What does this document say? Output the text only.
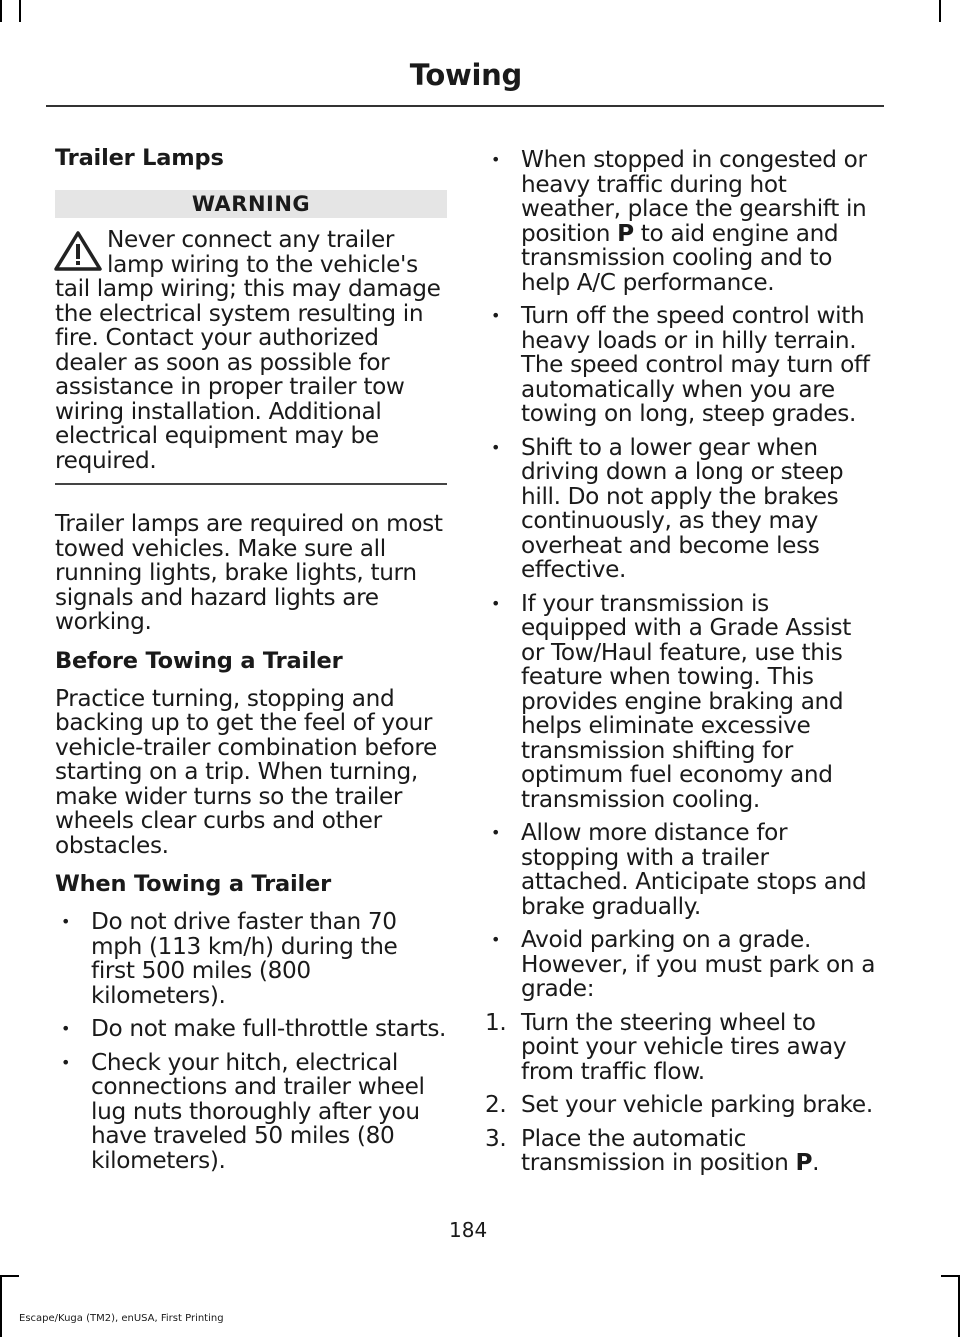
Towing
Trailer Lamps
WARNING
Never connect any trailer lamp wiring to the vehicle's tail lamp wiring; this may damage the electrical system resulting in fire. Contact your authorized dealer as soon as possible for assistance in proper trailer tow wiring installation. Additional electrical equipment may be required.

Trailer lamps are required on most towed vehicles. Make sure all running lights, brake lights, turn signals and hazard lights are working.

Before Towing a Trailer

Practice turning, stopping and backing up to get the feel of your vehicle-trailer combination before starting on a trip. When turning, make wider turns so the trailer wheels clear curbs and other obstacles.

When Towing a Trailer
• Do not drive faster than 70 mph (113 km/h) during the first 500 miles (800 kilometers).
• Do not make full-throttle starts.
• Check your hitch, electrical connections and trailer wheel lug nuts thoroughly after you have traveled 50 miles (80 kilometers).
• When stopped in congested or heavy traffic during hot weather, place the gearshift in position P to aid engine and transmission cooling and to help A/C performance.
• Turn off the speed control with heavy loads or in hilly terrain. The speed control may turn off automatically when you are towing on long, steep grades.
• Shift to a lower gear when driving down a long or steep hill. Do not apply the brakes continuously, as they may overheat and become less effective.
• If your transmission is equipped with a Grade Assist or Tow/Haul feature, use this feature when towing. This provides engine braking and helps eliminate excessive transmission shifting for optimum fuel economy and transmission cooling.
• Allow more distance for stopping with a trailer attached. Anticipate stops and brake gradually.
• Avoid parking on a grade. However, if you must park on a grade:
1. Turn the steering wheel to point your vehicle tires away from traffic flow.
2. Set your vehicle parking brake.
3. Place the automatic transmission in position P.
184
Escape/Kuga (TM2), enUSA, First Printing
